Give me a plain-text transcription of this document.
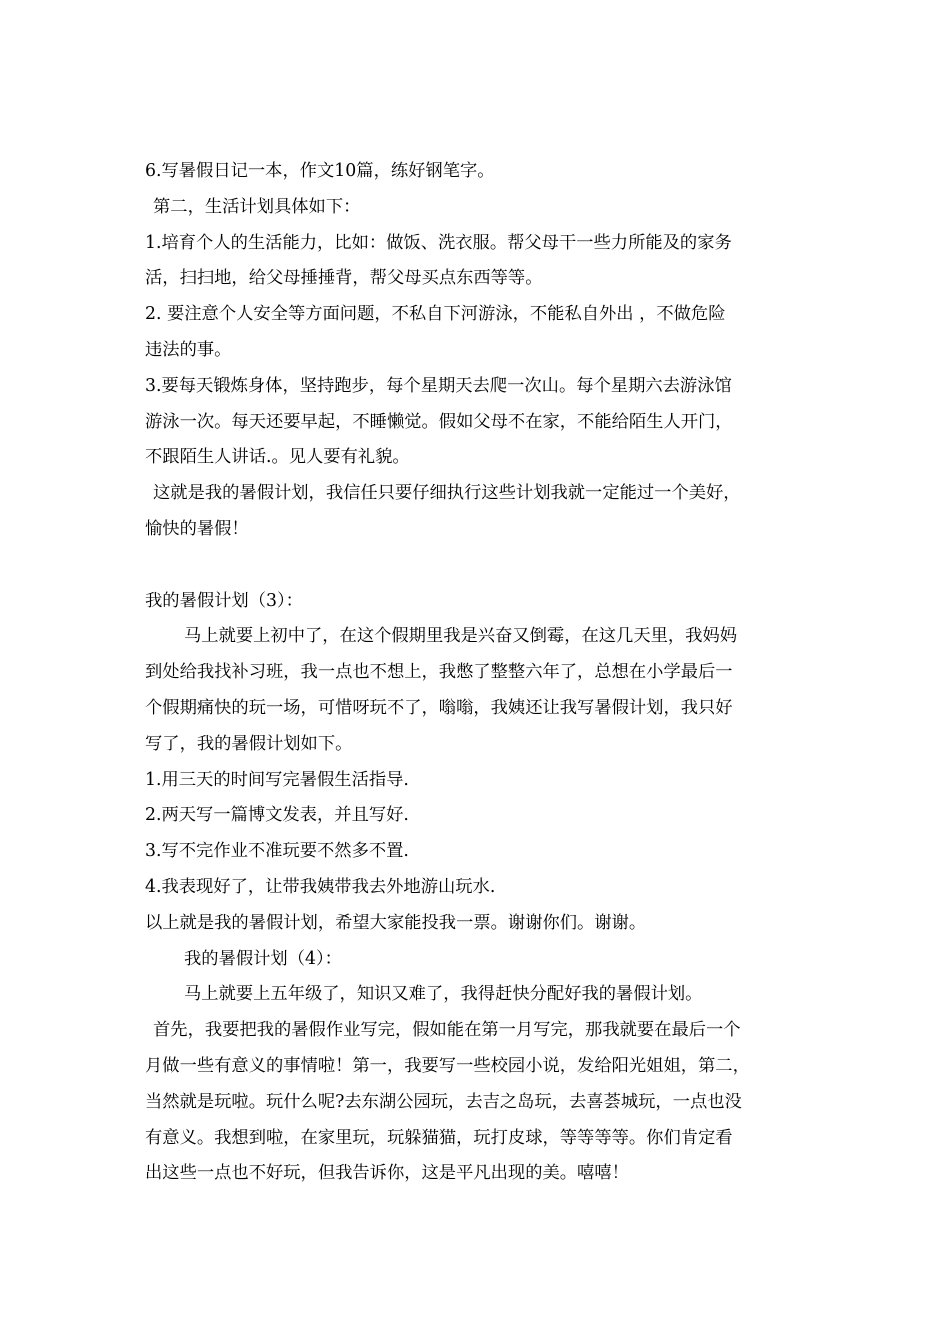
6.写暑假日记一本，作文10篇，练好钢笔字。
第二，生活计划具体如下：
1.培育个人的生活能力，比如：做饭、洗衣服。帮父母干一些力所能及的家务
活，扫扫地，给父母捶捶背，帮父母买点东西等等。
2. 要注意个人安全等方面问题，不私自下河游泳，不能私自外出 ，不做危险
违法的事。
3.要每天锻炼身体，坚持跑步，每个星期天去爬一次山。每个星期六去游泳馆
游泳一次。每天还要早起，不睡懒觉。假如父母不在家，不能给陌生人开门，
不跟陌生人讲话.。见人要有礼貌。
这就是我的暑假计划，我信任只要仔细执行这些计划我就一定能过一个美好，
愉快的暑假！
我的暑假计划（3）：
马上就要上初中了，在这个假期里我是兴奋又倒霉，在这几天里，我妈妈
到处给我找补习班，我一点也不想上，我憋了整整六年了，总想在小学最后一
个假期痛快的玩一场，可惜呀玩不了，嗡嗡，我姨还让我写暑假计划，我只好
写了，我的暑假计划如下。
1.用三天的时间写完暑假生活指导.
2.两天写一篇博文发表，并且写好.
3.写不完作业不准玩要不然多不置.
4.我表现好了，让带我姨带我去外地游山玩水.
以上就是我的暑假计划，希望大家能投我一票。谢谢你们。谢谢。
我的暑假计划（4）：
马上就要上五年级了，知识又难了，我得赶快分配好我的暑假计划。
首先，我要把我的暑假作业写完，假如能在第一月写完，那我就要在最后一个
月做一些有意义的事情啦！第一，我要写一些校园小说，发给阳光姐姐，第二，
当然就是玩啦。玩什么呢?去东湖公园玩，去吉之岛玩，去喜荟城玩，一点也没
有意义。我想到啦，在家里玩，玩躲猫猫，玩打皮球，等等等等。你们肯定看
出这些一点也不好玩，但我告诉你，这是平凡出现的美。嘻嘻！
